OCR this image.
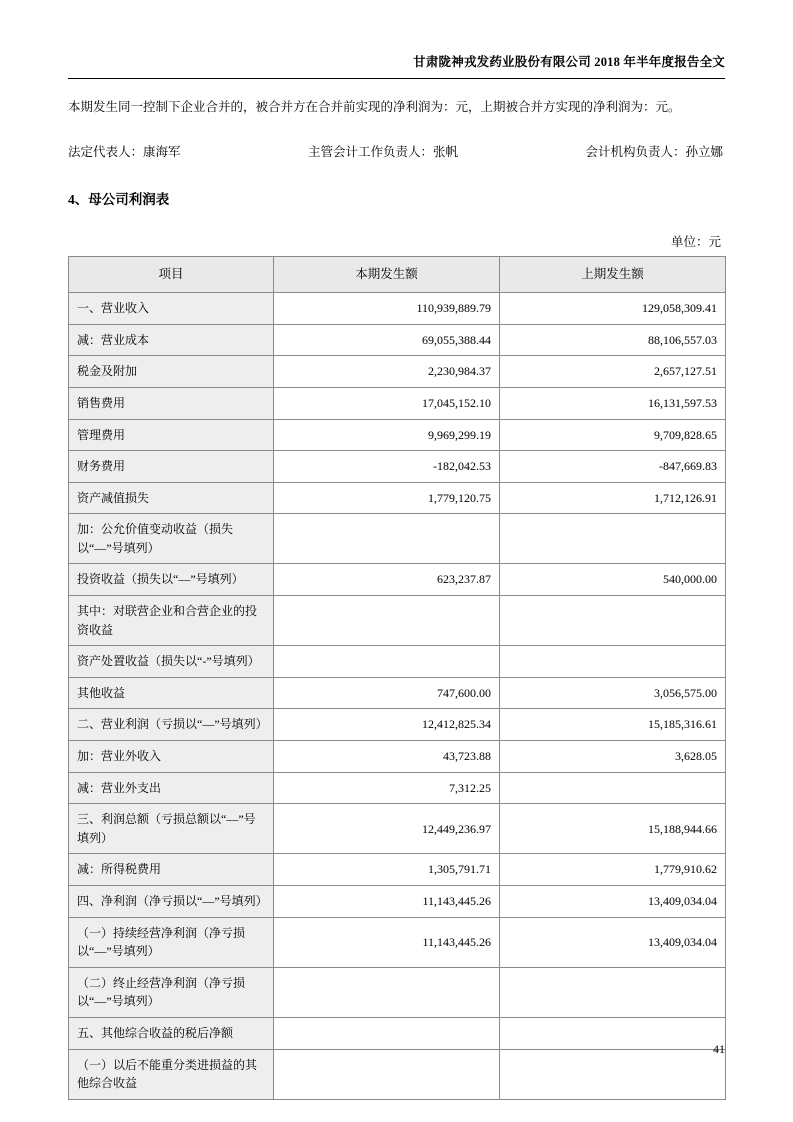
甘肃陇神戎发药业股份有限公司 2018 年半年度报告全文

本期发生同一控制下企业合并的，被合并方在合并前实现的净利润为：元，上期被合并方实现的净利润为：元。

法定代表人：康海军	主管会计工作负责人：张帆	会计机构负责人：孙立娜
4、母公司利润表
单位：元
项目	本期发生额	上期发生额
一、营业收入	110,939,889.79	129,058,309.41
减：营业成本	69,055,388.44	88,106,557.03
税金及附加	2,230,984.37	2,657,127.51
销售费用	17,045,152.10	16,131,597.53
管理费用	9,969,299.19	9,709,828.65
财务费用	-182,042.53	-847,669.83
资产减值损失	1,779,120.75	1,712,126.91
加：公允价值变动收益（损失以“—”号填列）		
投资收益（损失以“—”号填列）	623,237.87	540,000.00
其中：对联营企业和合营企业的投资收益		
资产处置收益（损失以“-”号填列）		
其他收益	747,600.00	3,056,575.00
二、营业利润（亏损以“—”号填列）	12,412,825.34	15,185,316.61
加：营业外收入	43,723.88	3,628.05
减：营业外支出	7,312.25	
三、利润总额（亏损总额以“—”号填列）	12,449,236.97	15,188,944.66
减：所得税费用	1,305,791.71	1,779,910.62
四、净利润（净亏损以“—”号填列）	11,143,445.26	13,409,034.04
（一）持续经营净利润（净亏损以“—”号填列）	11,143,445.26	13,409,034.04
（二）终止经营净利润（净亏损以“—”号填列）		
五、其他综合收益的税后净额		
（一）以后不能重分类进损益的其他综合收益		
41
